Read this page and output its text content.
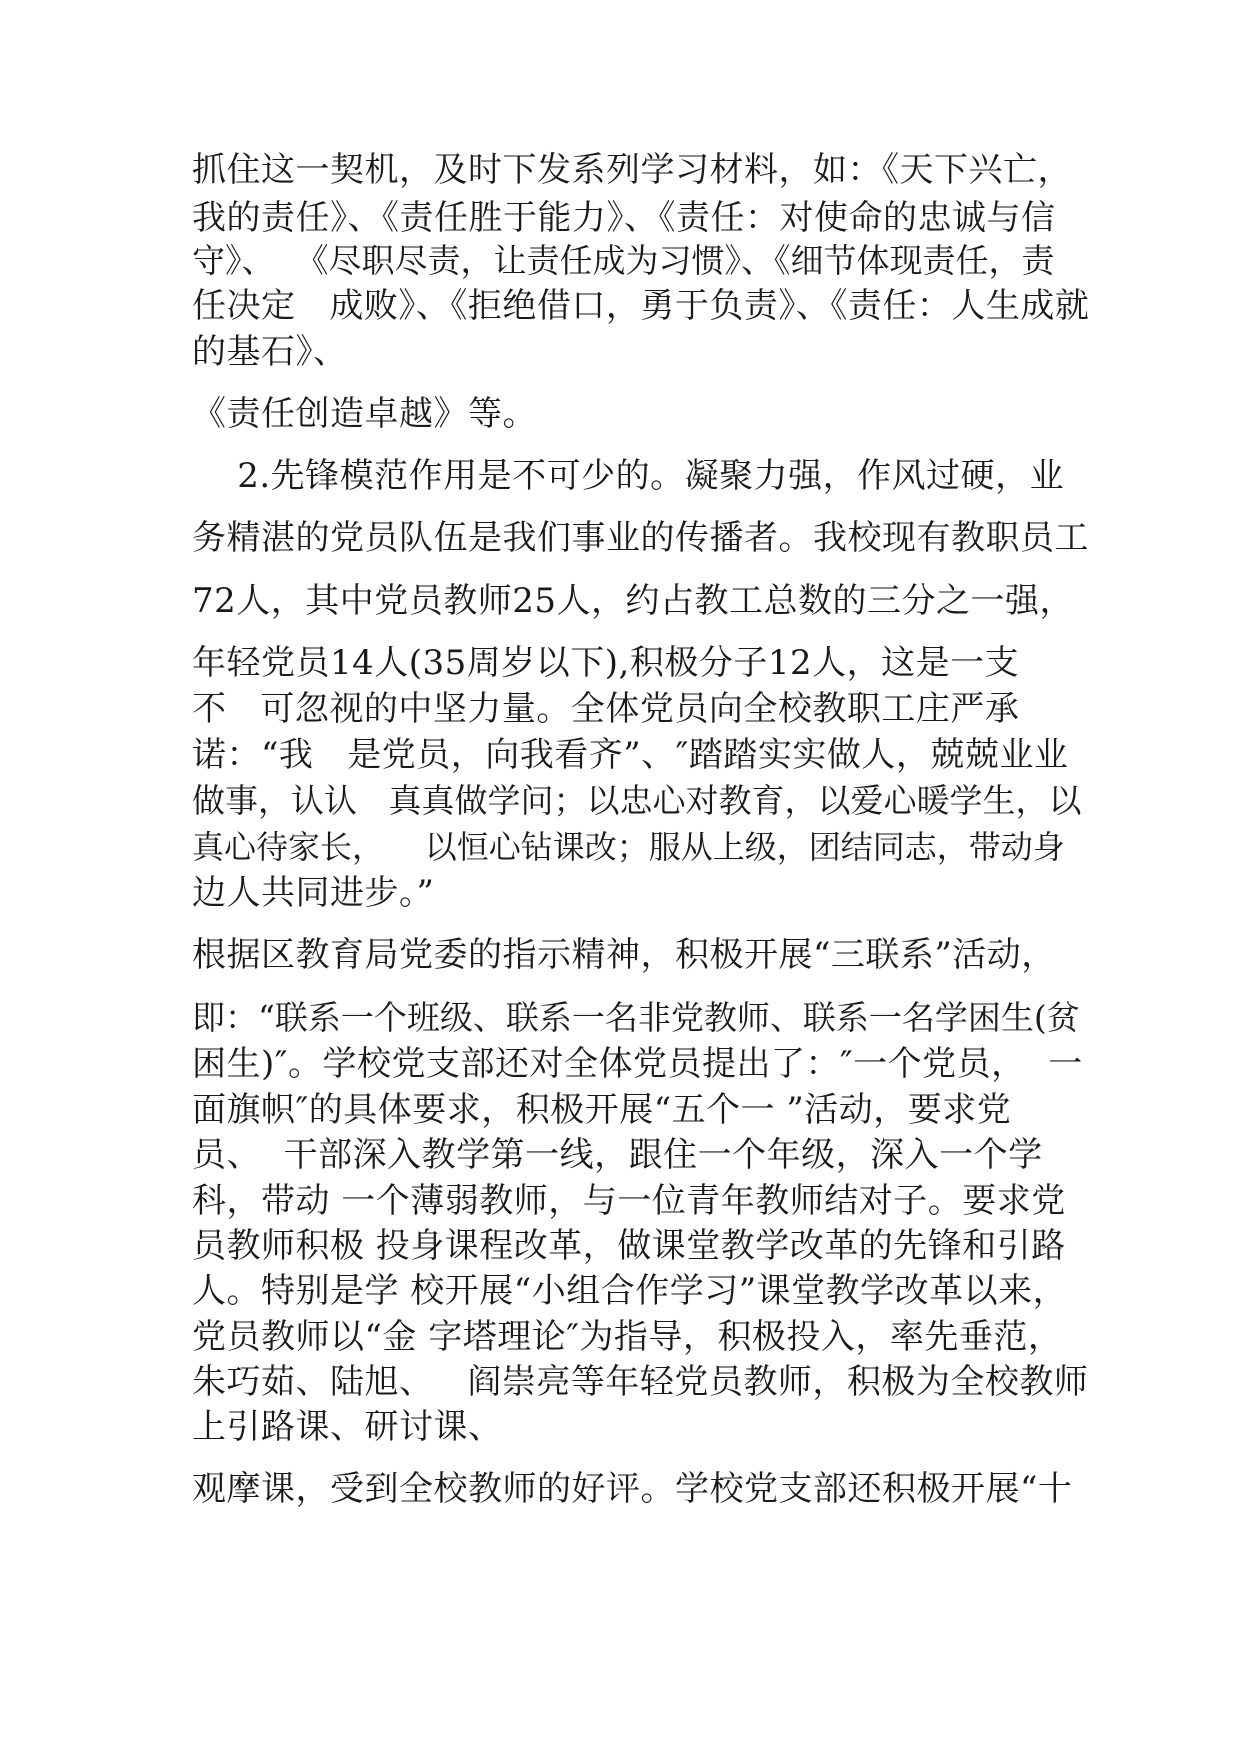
抓住这一契机，及时下发系列学习材料，如：《天下兴亡，
我的责任》、《责任胜于能力》、《责任：对使命的忠诚与信
守》、  《尽职尽责，让责任成为习惯》、《细节体现责任，责
任决定   成败》、《拒绝借口，勇于负责》、《责任：人生成就
的基石》、
《责任创造卓越》等。
2.先锋模范作用是不可少的。凝聚力强，作风过硬，业
务精湛的党员队伍是我们事业的传播者。我校现有教职员工
72人，其中党员教师25人，约占教工总数的三分之一强，
年轻党员14人(35周岁以下),积极分子12人，这是一支
不   可忽视的中坚力量。全体党员向全校教职工庄严承
诺：“我   是党员，向我看齐”、″踏踏实实做人，兢兢业业
做事，认认   真真做学问；以忠心对教育，以爱心暖学生，以
真心待家长，    以恒心钻课改；服从上级，团结同志，带动身
边人共同进步。”
根据区教育局党委的指示精神，积极开展“三联系”活动，
即：“联系一个班级、联系一名非党教师、联系一名学困生(贫
困生)″。学校党支部还对全体党员提出了：″一个党员，  一
面旗帜″的具体要求，积极开展“五个一 ”活动，要求党
员、  干部深入教学第一线，跟住一个年级，深入一个学
科，带动 一个薄弱教师，与一位青年教师结对子。要求党
员教师积极 投身课程改革，做课堂教学改革的先锋和引路
人。特别是学 校开展“小组合作学习”课堂教学改革以来，
党员教师以“金 字塔理论″为指导，积极投入，率先垂范，
朱巧茹、陆旭、   阎崇亮等年轻党员教师，积极为全校教师
上引路课、研讨课、
观摩课，受到全校教师的好评。学校党支部还积极开展“十
